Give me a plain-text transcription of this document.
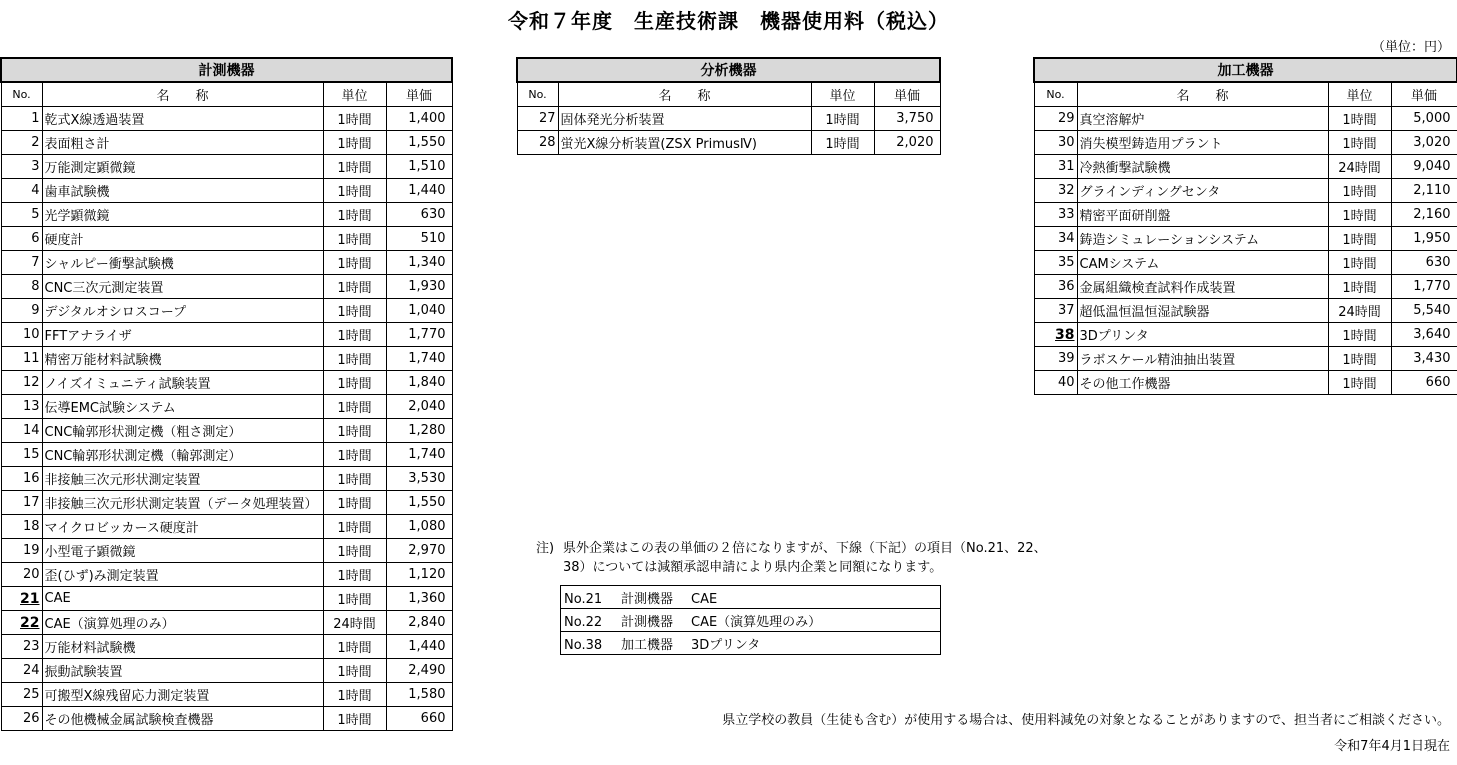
令和７年度　生産技術課　機器使用料（税込）
（単位：円）
計測機器			
No.	名　　称	単位	単価
1	乾式X線透過装置	1時間	1,400
2	表面粗さ計	1時間	1,550
3	万能測定顕微鏡	1時間	1,510
4	歯車試験機	1時間	1,440
5	光学顕微鏡	1時間	630
6	硬度計	1時間	510
7	シャルピー衝撃試験機	1時間	1,340
8	CNC三次元測定装置	1時間	1,930
9	デジタルオシロスコープ	1時間	1,040
10	FFTアナライザ	1時間	1,770
11	精密万能材料試験機	1時間	1,740
12	ノイズイミュニティ試験装置	1時間	1,840
13	伝導EMC試験システム	1時間	2,040
14	CNC輪郭形状測定機（粗さ測定）	1時間	1,280
15	CNC輪郭形状測定機（輪郭測定）	1時間	1,740
16	非接触三次元形状測定装置	1時間	3,530
17	非接触三次元形状測定装置（データ処理装置）	1時間	1,550
18	マイクロビッカース硬度計	1時間	1,080
19	小型電子顕微鏡	1時間	2,970
20	歪(ひず)み測定装置	1時間	1,120
21	CAE	1時間	1,360
22	CAE（演算処理のみ）	24時間	2,840
23	万能材料試験機	1時間	1,440
24	振動試験装置	1時間	2,490
25	可搬型X線残留応力測定装置	1時間	1,580
26	その他機械金属試験検査機器	1時間	660
分析機器			
No.	名　　称	単位	単価
27	固体発光分析装置	1時間	3,750
28	蛍光X線分析装置(ZSX PrimusⅣ)	1時間	2,020
加工機器			
No.	名　　称	単位	単価
29	真空溶解炉	1時間	5,000
30	消失模型鋳造用プラント	1時間	3,020
31	冷熱衝撃試験機	24時間	9,040
32	グラインディングセンタ	1時間	2,110
33	精密平面研削盤	1時間	2,160
34	鋳造シミュレーションシステム	1時間	1,950
35	CAMシステム	1時間	630
36	金属組織検査試料作成装置	1時間	1,770
37	超低温恒温恒湿試験器	24時間	5,540
38	3Dプリンタ	1時間	3,640
39	ラボスケール精油抽出装置	1時間	3,430
40	その他工作機器	1時間	660
注) 県外企業はこの表の単価の２倍になりますが、下線（下記）の項目（No.21、22、
38）については減額承認申請により県内企業と同額になります。
No.21 計測機器 CAE
No.22 計測機器 CAE（演算処理のみ）
No.38 加工機器 3Dプリンタ
県立学校の教員（生徒も含む）が使用する場合は、使用料減免の対象となることがありますので、担当者にご相談ください。
令和7年4月1日現在
